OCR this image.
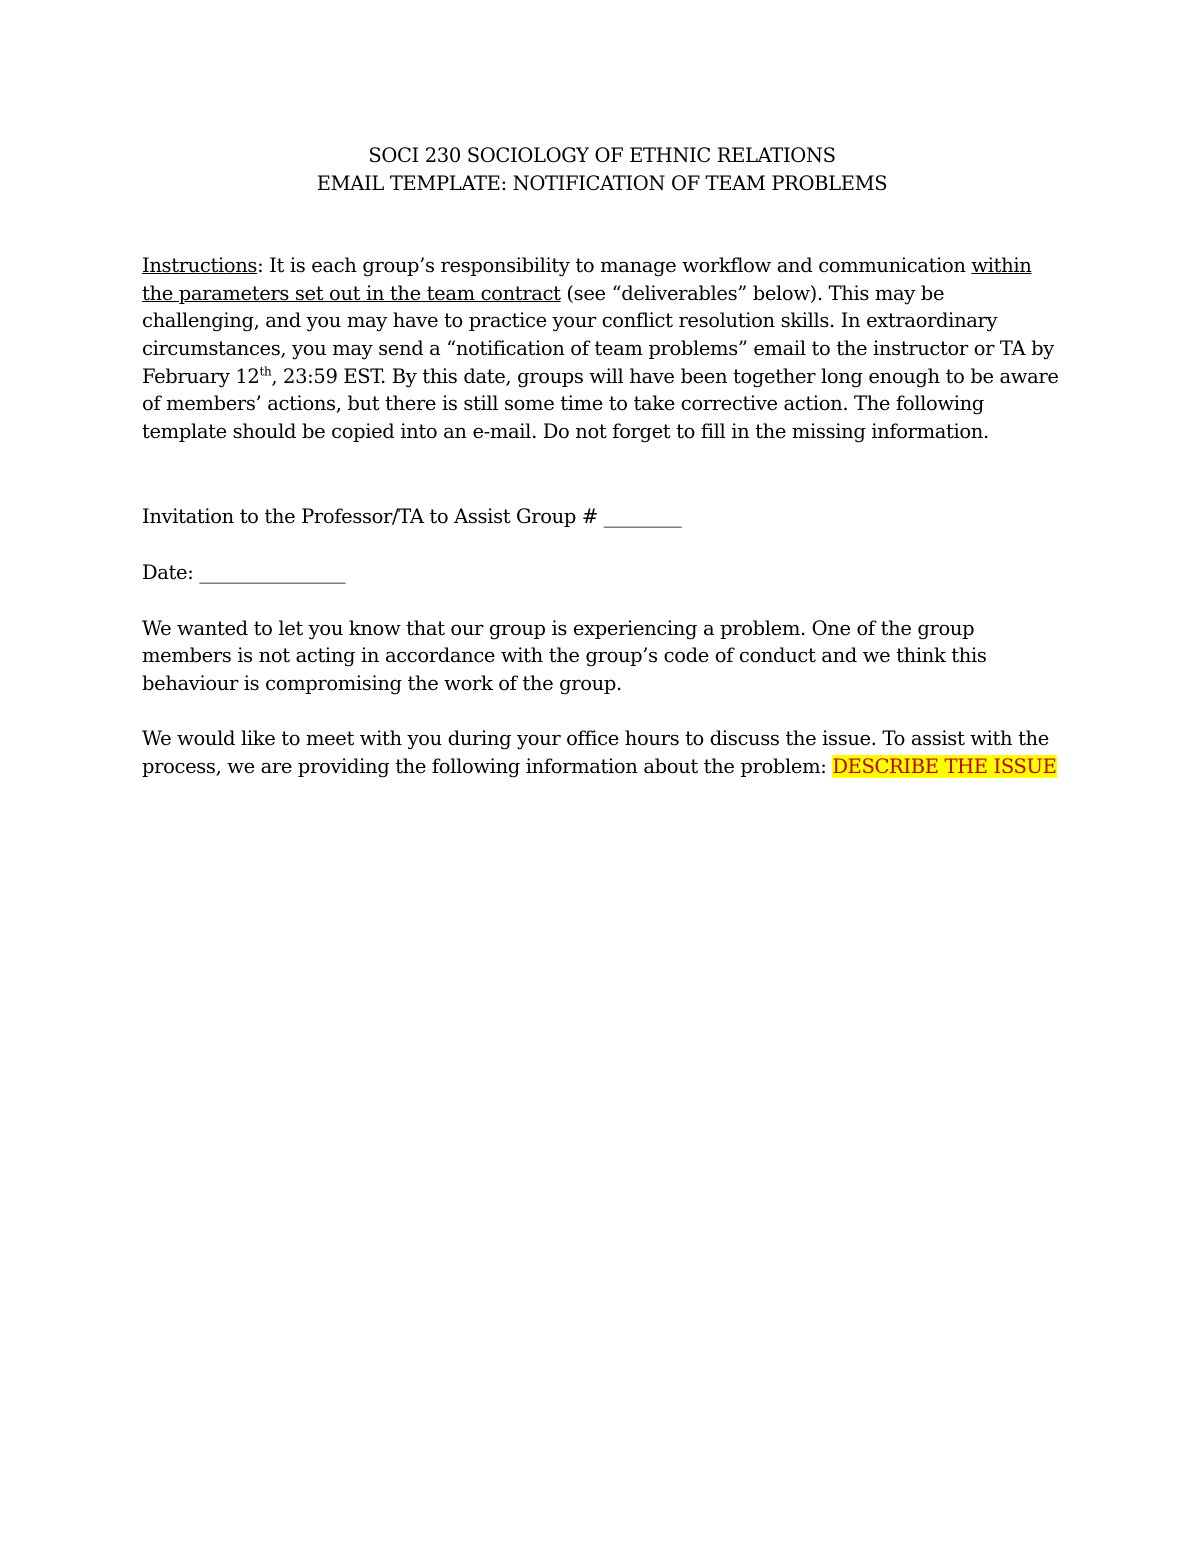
SOCI 230 SOCIOLOGY OF ETHNIC RELATIONS
EMAIL TEMPLATE: NOTIFICATION OF TEAM PROBLEMS

Instructions: It is each group’s responsibility to manage workflow and communication within the parameters set out in the team contract (see “deliverables” below). This may be challenging, and you may have to practice your conflict resolution skills. In extraordinary circumstances, you may send a “notification of team problems” email to the instructor or TA by February 12th, 23:59 EST. By this date, groups will have been together long enough to be aware of members’ actions, but there is still some time to take corrective action. The following template should be copied into an e-mail. Do not forget to fill in the missing information.

Invitation to the Professor/TA to Assist Group # ________

Date: _______________

We wanted to let you know that our group is experiencing a problem. One of the group members is not acting in accordance with the group’s code of conduct and we think this behaviour is compromising the work of the group.

We would like to meet with you during your office hours to discuss the issue. To assist with the process, we are providing the following information about the problem: DESCRIBE THE ISSUE
